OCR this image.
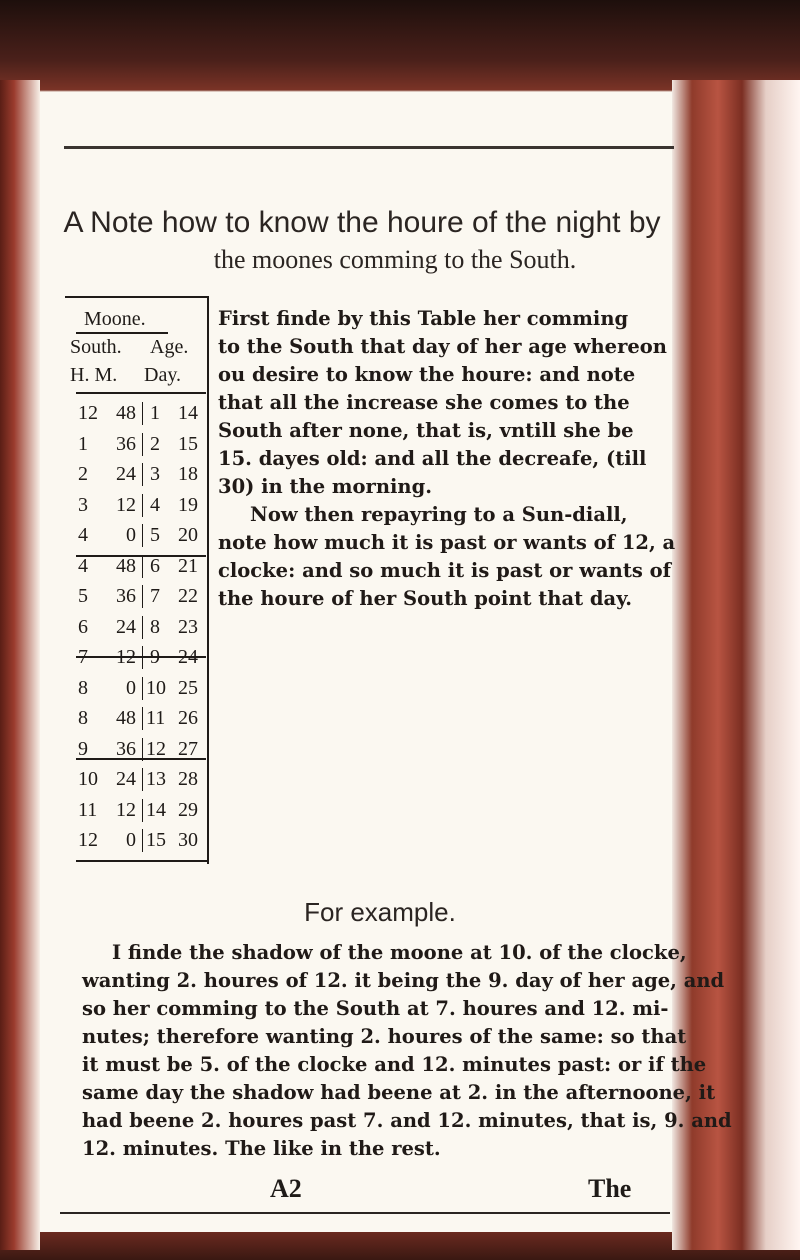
A Note how to know the houre of the night by
the moones comming to the South.
Moone.
South. Age.
H. M. Day.
12 48 1 14
1	36 2 15
2	24 3 18
3	12 4 19
4	0 5 20
4	48 6 21
5	36 7 22
6	24 8 23
7	12 9 24
8	0 10 25
8	48 11 26
9	36 12 27
10 24 13 28
11 12 14 29
12	0 15 30
First finde by this Table her comming
to the South that day of her age whereon
ou desire to know the houre: and note
that all the increase she comes to the
South after none, that is, vntill she be
15. dayes old: and all the decreafe, (till
30) in the morning.
Now then repayring to a Sun-diall,
note how much it is past or wants of 12, a
clocke: and so much it is past or wants of
the houre of her South point that day.
For example.
I finde the shadow of the moone at 10. of the clocke,
wanting 2. houres of 12. it being the 9. day of her age, and
so her comming to the South at 7. houres and 12. mi-
nutes; therefore wanting 2. houres of the same: so that
it must be 5. of the clocke and 12. minutes past: or if the
same day the shadow had beene at 2. in the afternoone, it
had beene 2. houres past 7. and 12. minutes, that is, 9. and
12. minutes. The like in the rest.
A2	The
